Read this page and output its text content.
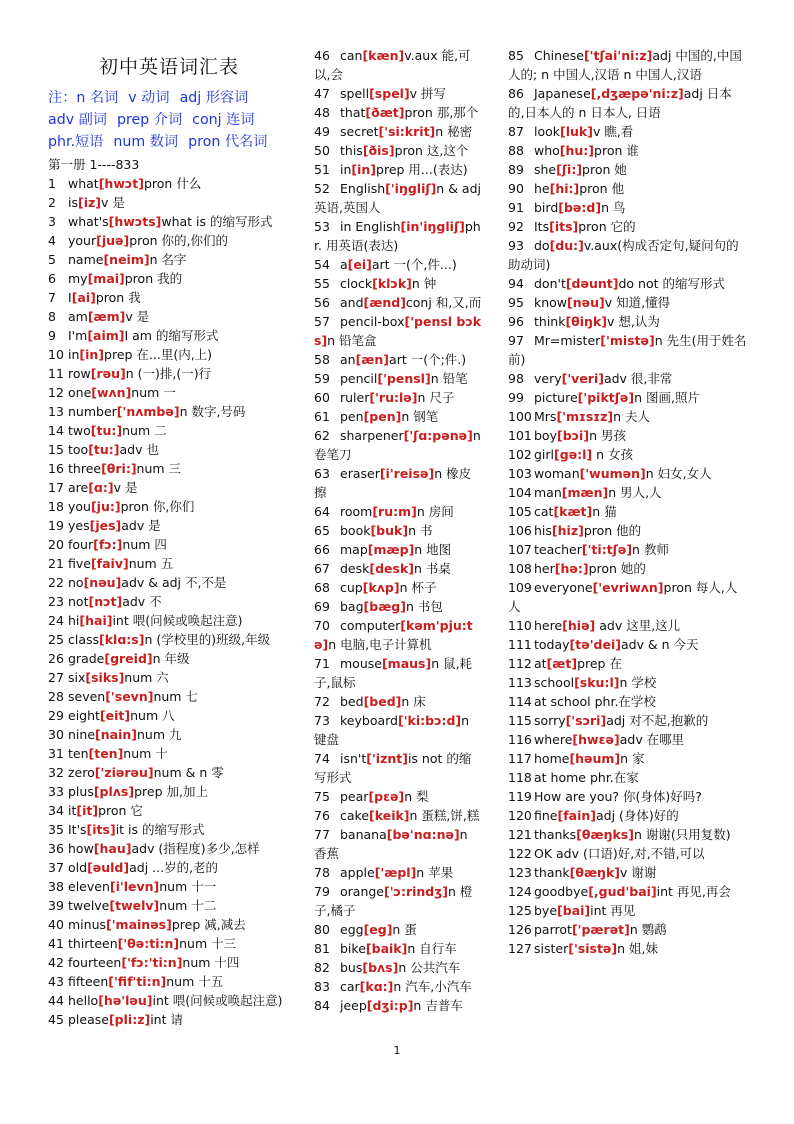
初中英语词汇表
注：n 名词 v 动词 adj 形容词
adv 副词 prep 介词 conj 连词
phr.短语 num 数词 pron 代名词
第一册 1----833
1 what[hwɔt]pron 什么
2 is[iz]v 是
3 what's[hwɔts]what is 的缩写形式
4 your[juə]pron 你的,你们的
5 name[neim]n 名字
6 my[mai]pron 我的
7 I[ai]pron 我
8 am[æm]v 是
9 I'm[aim]I am 的缩写形式
10 in[in]prep 在...里(内,上)
11 row[rəu]n (一)排,(一)行
12 one[wʌn]num 一
13 number['nʌmbə]n 数字,号码
14 two[tu:]num 二
15 too[tu:]adv 也
16 three[θri:]num 三
17 are[ɑ:]v 是
18 you[ju:]pron 你,你们
19 yes[jes]adv 是
20 four[fɔ:]num 四
21 five[faiv]num 五
22 no[nəu]adv & adj 不,不是
23 not[nɔt]adv 不
24 hi[hai]int 喂(问候或唤起注意)
25 class[klɑ:s]n (学校里的)班级,年级
26 grade[greid]n 年级
27 six[siks]num 六
28 seven['sevn]num 七
29 eight[eit]num 八
30 nine[nain]num 九
31 ten[ten]num 十
32 zero['ziərəu]num & n 零
33 plus[plʌs]prep 加,加上
34 it[it]pron 它
35 It's[its]it is 的缩写形式
36 how[hau]adv (指程度)多少,怎样
37 old[əuld]adj ...岁的,老的
38 eleven[i'levn]num 十一
39 twelve[twelv]num 十二
40 minus['mainəs]prep 减,减去
41 thirteen['θə:ti:n]num 十三
42 fourteen['fɔ:'ti:n]num 十四
43 fifteen['fif'ti:n]num 十五
44 hello[hə'ləu]int 喂(问候或唤起注意)
45 please[pli:z]int 请
46 can[kæn]v.aux 能,可以,会
47 spell[spel]v 拼写
48 that[ðæt]pron 那,那个
49 secret['si:krit]n 秘密
50 this[ðis]pron 这,这个
51 in[in]prep 用...(表达)
52 English['iŋgliʃ]n & adj 英语,英国人
53 in English[in'iŋgliʃ]phr. 用英语(表达)
54 a[ei]art 一(个,件...)
55 clock[klɔk]n 钟
56 and[ænd]conj 和,又,而
57 pencil-box['pensl bɔks]n 铅笔盒
58 an[æn]art 一(个;件.)
59 pencil['pensl]n 铅笔
60 ruler['ru:lə]n 尺子
61 pen[pen]n 钢笔
62 sharpener['ʃɑ:pənə]n 卷笔刀
63 eraser[i'reisə]n 橡皮擦
64 room[ru:m]n 房间
65 book[buk]n 书
66 map[mæp]n 地图
67 desk[desk]n 书桌
68 cup[kʌp]n 杯子
69 bag[bæg]n 书包
70 computer[kəm'pju:tə]n 电脑,电子计算机
71 mouse[maus]n 鼠,耗子,鼠标
72 bed[bed]n 床
73 keyboard['ki:bɔ:d]n 键盘
74 isn't['iznt]is not 的缩写形式
75 pear[pεə]n 梨
76 cake[keik]n 蛋糕,饼,糕
77 banana[bə'nɑ:nə]n 香蕉
78 apple['æpl]n 苹果
79 orange['ɔ:rindʒ]n 橙子,橘子
80 egg[eg]n 蛋
81 bike[baik]n 自行车
82 bus[bʌs]n 公共汽车
83 car[kɑ:]n 汽车,小汽车
84 jeep[dʒi:p]n 吉普车
85 Chinese['tʃai'ni:z]adj 中国的,中国人的; n 中国人,汉语 n 中国人,汉语
86 Japanese[,dʒæpə'ni:z]adj 日本的,日本人的 n 日本人, 日语
87 look[luk]v 瞧,看
88 who[hu:]pron 谁
89 she[ʃi:]pron 她
90 he[hi:]pron 他
91 bird[bə:d]n 鸟
92 Its[its]pron 它的
93 do[du:]v.aux(构成否定句,疑问句的助动词)
94 don't[dəunt]do not 的缩写形式
95 know[nəu]v 知道,懂得
96 think[θiŋk]v 想,认为
97 Mr=mister['mistə]n 先生(用于姓名前)
98 very['veri]adv 很,非常
99 picture['piktʃə]n 图画,照片
100 Mrs['mɪsɪz]n 夫人
101 boy[bɔi]n 男孩
102 girl[gə:l] n 女孩
103 woman['wumən]n 妇女,女人
104 man[mæn]n 男人,人
105 cat[kæt]n 猫
106 his[hiz]pron 他的
107 teacher['ti:tʃə]n 教师
108 her[hə:]pron 她的
109 everyone['evriwʌn]pron 每人,人人
110 here[hiə] adv 这里,这儿
111 today[tə'dei]adv & n 今天
112 at[æt]prep 在
113 school[sku:l]n 学校
114 at school phr.在学校
115 sorry['sɔri]adj 对不起,抱歉的
116 where[hwεə]adv 在哪里
117 home[həum]n 家
118 at home phr.在家
119 How are you? 你(身体)好吗?
120 fine[fain]adj (身体)好的
121 thanks[θæŋks]n 谢谢(只用复数)
122 OK adv (口语)好,对,不错,可以
123 thank[θæŋk]v 谢谢
124 goodbye[,gud'bai]int 再见,再会
125 bye[bai]int 再见
126 parrot['pærət]n 鹦鹉
127 sister['sistə]n 姐,妹
1
